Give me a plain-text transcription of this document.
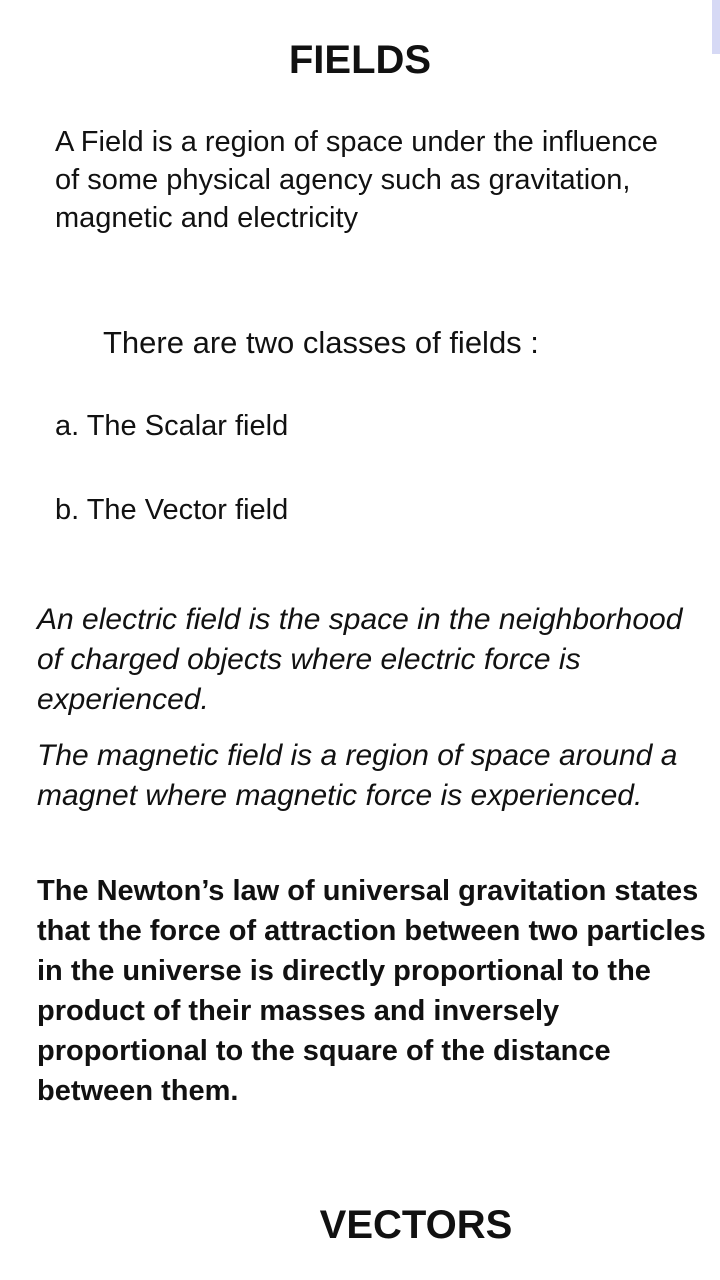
FIELDS

A Field is a region of space under the influence of some physical agency such as gravitation, magnetic and electricity

There are two classes of fields :

a. The Scalar field

b. The Vector field

An electric field is the space in the neighborhood of charged objects where electric force is experienced.

The magnetic field is a region of space around a magnet where magnetic force is experienced.

The Newton’s law of universal gravitation states that the force of attraction between two particles in the universe is directly proportional to the product of their masses and inversely proportional to the square of the distance between them.

VECTORS
